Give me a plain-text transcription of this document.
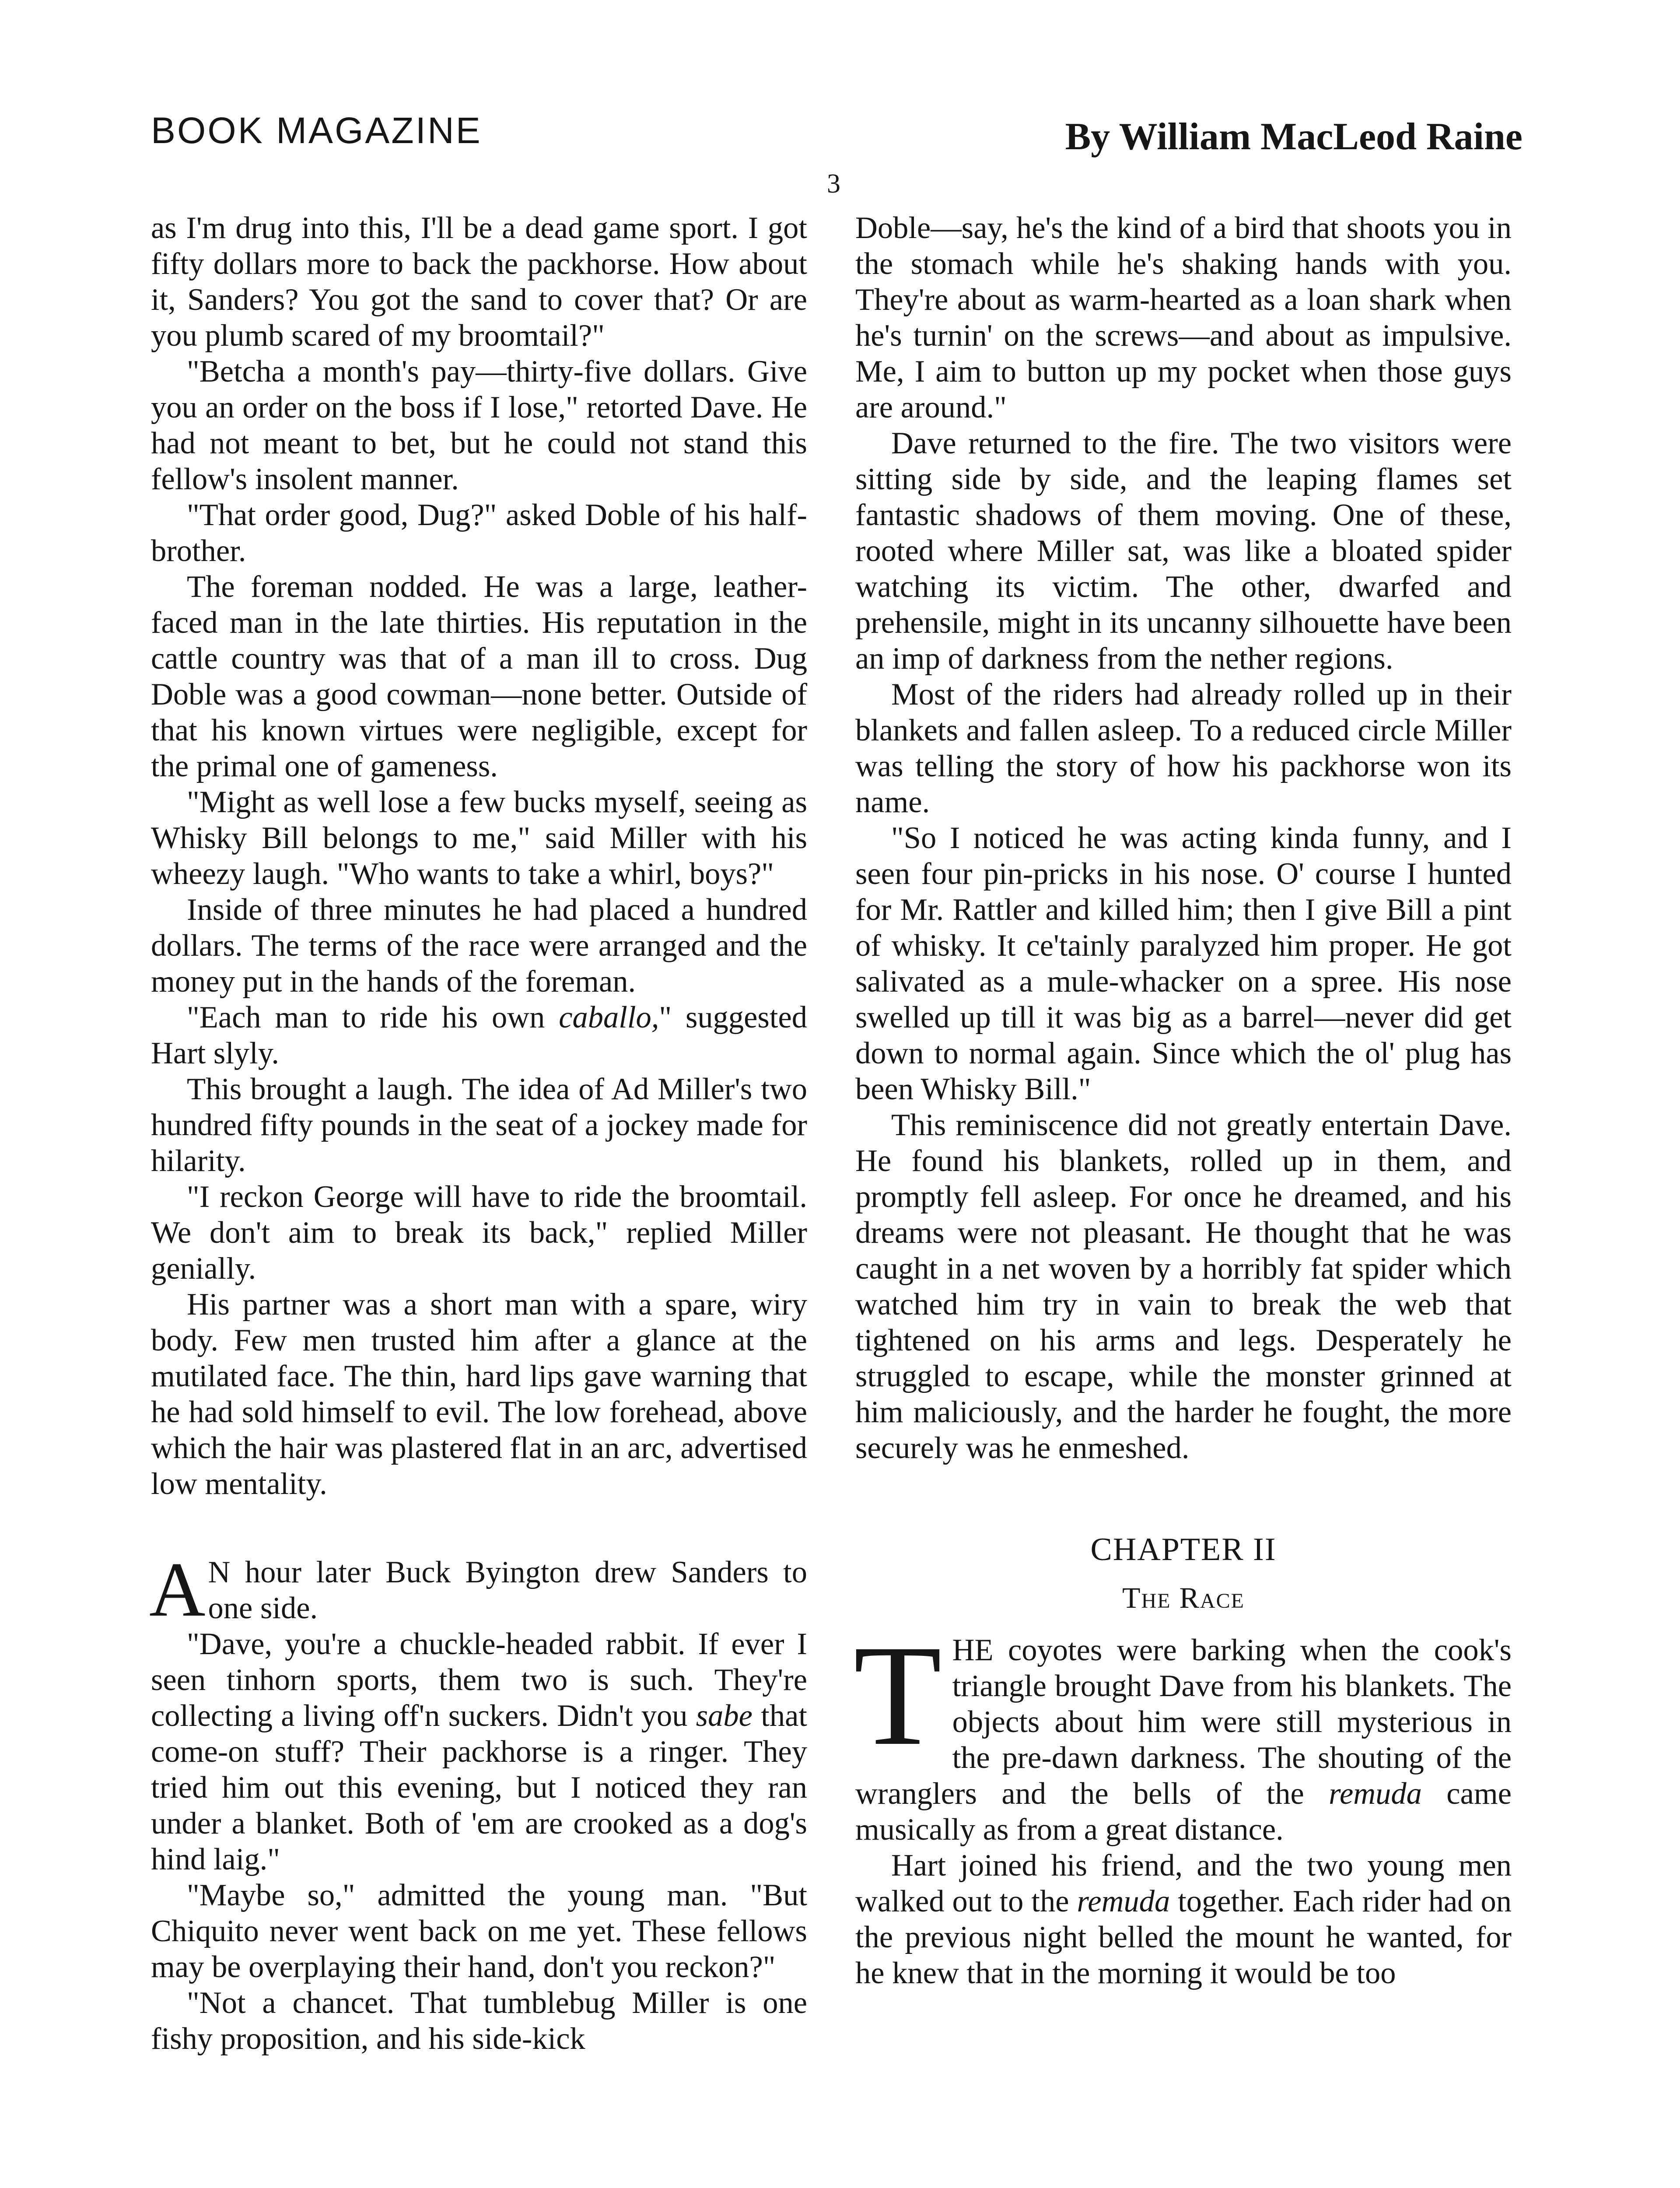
BOOK MAGAZINE	By William MacLeod Raine
3

as I'm drug into this, I'll be a dead game sport. I got fifty dollars more to back the packhorse. How about it, Sanders? You got the sand to cover that? Or are you plumb scared of my broomtail?"

"Betcha a month's pay—thirty-five dollars. Give you an order on the boss if I lose," retorted Dave. He had not meant to bet, but he could not stand this fellow's insolent manner.

"That order good, Dug?" asked Doble of his half-brother.

The foreman nodded. He was a large, leather-faced man in the late thirties. His reputation in the cattle country was that of a man ill to cross. Dug Doble was a good cowman—none better. Outside of that his known virtues were negligible, except for the primal one of gameness.

"Might as well lose a few bucks myself, seeing as Whisky Bill belongs to me," said Miller with his wheezy laugh. "Who wants to take a whirl, boys?"

Inside of three minutes he had placed a hundred dollars. The terms of the race were arranged and the money put in the hands of the foreman.

"Each man to ride his own caballo," suggested Hart slyly.

This brought a laugh. The idea of Ad Miller's two hundred fifty pounds in the seat of a jockey made for hilarity.

"I reckon George will have to ride the broomtail. We don't aim to break its back," replied Miller genially.

His partner was a short man with a spare, wiry body. Few men trusted him after a glance at the mutilated face. The thin, hard lips gave warning that he had sold himself to evil. The low forehead, above which the hair was plastered flat in an arc, advertised low mentality.

A N hour later Buck Byington drew Sanders to one side.

"Dave, you're a chuckle-headed rabbit. If ever I seen tinhorn sports, them two is such. They're collecting a living off'n suckers. Didn't you sabe that come-on stuff? Their packhorse is a ringer. They tried him out this evening, but I noticed they ran under a blanket. Both of 'em are crooked as a dog's hind laig."

"Maybe so," admitted the young man. "But Chiquito never went back on me yet. These fellows may be overplaying their hand, don't you reckon?"

"Not a chancet. That tumblebug Miller is one fishy proposition, and his side-kick

Doble—say, he's the kind of a bird that shoots you in the stomach while he's shaking hands with you. They're about as warm-hearted as a loan shark when he's turnin' on the screws—and about as impulsive. Me, I aim to button up my pocket when those guys are around."

Dave returned to the fire. The two visitors were sitting side by side, and the leaping flames set fantastic shadows of them moving. One of these, rooted where Miller sat, was like a bloated spider watching its victim. The other, dwarfed and prehensile, might in its uncanny silhouette have been an imp of darkness from the nether regions.

Most of the riders had already rolled up in their blankets and fallen asleep. To a reduced circle Miller was telling the story of how his packhorse won its name.

"So I noticed he was acting kinda funny, and I seen four pin-pricks in his nose. O' course I hunted for Mr. Rattler and killed him; then I give Bill a pint of whisky. It ce'tainly paralyzed him proper. He got salivated as a mule-whacker on a spree. His nose swelled up till it was big as a barrel—never did get down to normal again. Since which the ol' plug has been Whisky Bill."

This reminiscence did not greatly entertain Dave. He found his blankets, rolled up in them, and promptly fell asleep. For once he dreamed, and his dreams were not pleasant. He thought that he was caught in a net woven by a horribly fat spider which watched him try in vain to break the web that tightened on his arms and legs. Desperately he struggled to escape, while the monster grinned at him maliciously, and the harder he fought, the more securely was he enmeshed.

CHAPTER II
The Race

THE coyotes were barking when the cook's triangle brought Dave from his blankets. The objects about him were still mysterious in the pre-dawn darkness. The shouting of the wranglers and the bells of the remuda came musically as from a great distance.

Hart joined his friend, and the two young men walked out to the remuda together. Each rider had on the previous night belled the mount he wanted, for he knew that in the morning it would be too
